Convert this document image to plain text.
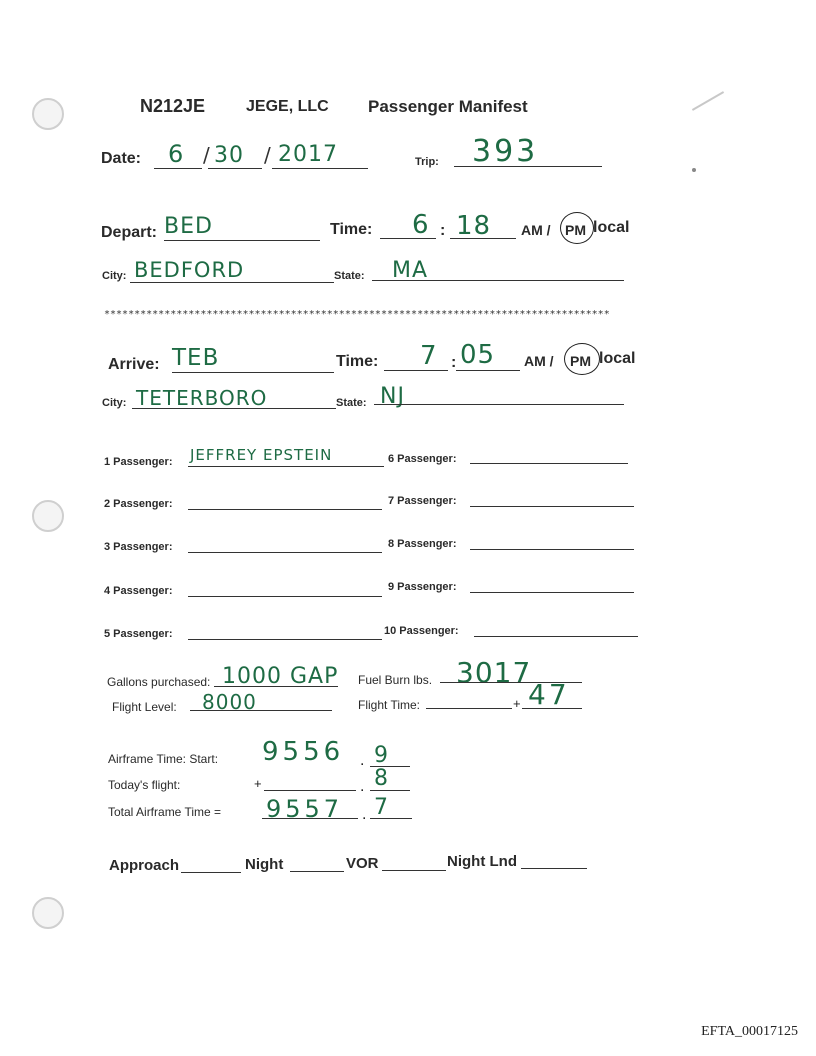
N212JE	JEGE, LLC Passenger Manifest
Date: 6 / 30 / 2017	Trip: 393
Depart: BED	Time: 6 : 18 AM / PM local
City: BEDFORD	State: MA
************************************************************************************
Arrive: TEB	Time: 7 : 05 AM / PM local
City: TETERBORO	State: NJ
1 Passenger: JEFFREY EPSTEIN
2 Passenger:
3 Passenger:
4 Passenger:
5 Passenger:
6 Passenger:
7 Passenger:
8 Passenger:
9 Passenger:
10 Passenger:
Gallons purchased: 1000 GAP Fuel Burn lbs. 3017
Flight Level: 8000	Flight Time:	+ 47
Airframe Time: Start: 9556 . 9
Today's flight:	+	. 8
Total Airframe Time = 9557 . 7
Approach	Night	VOR	Night Lnd
EFTA_00017125
